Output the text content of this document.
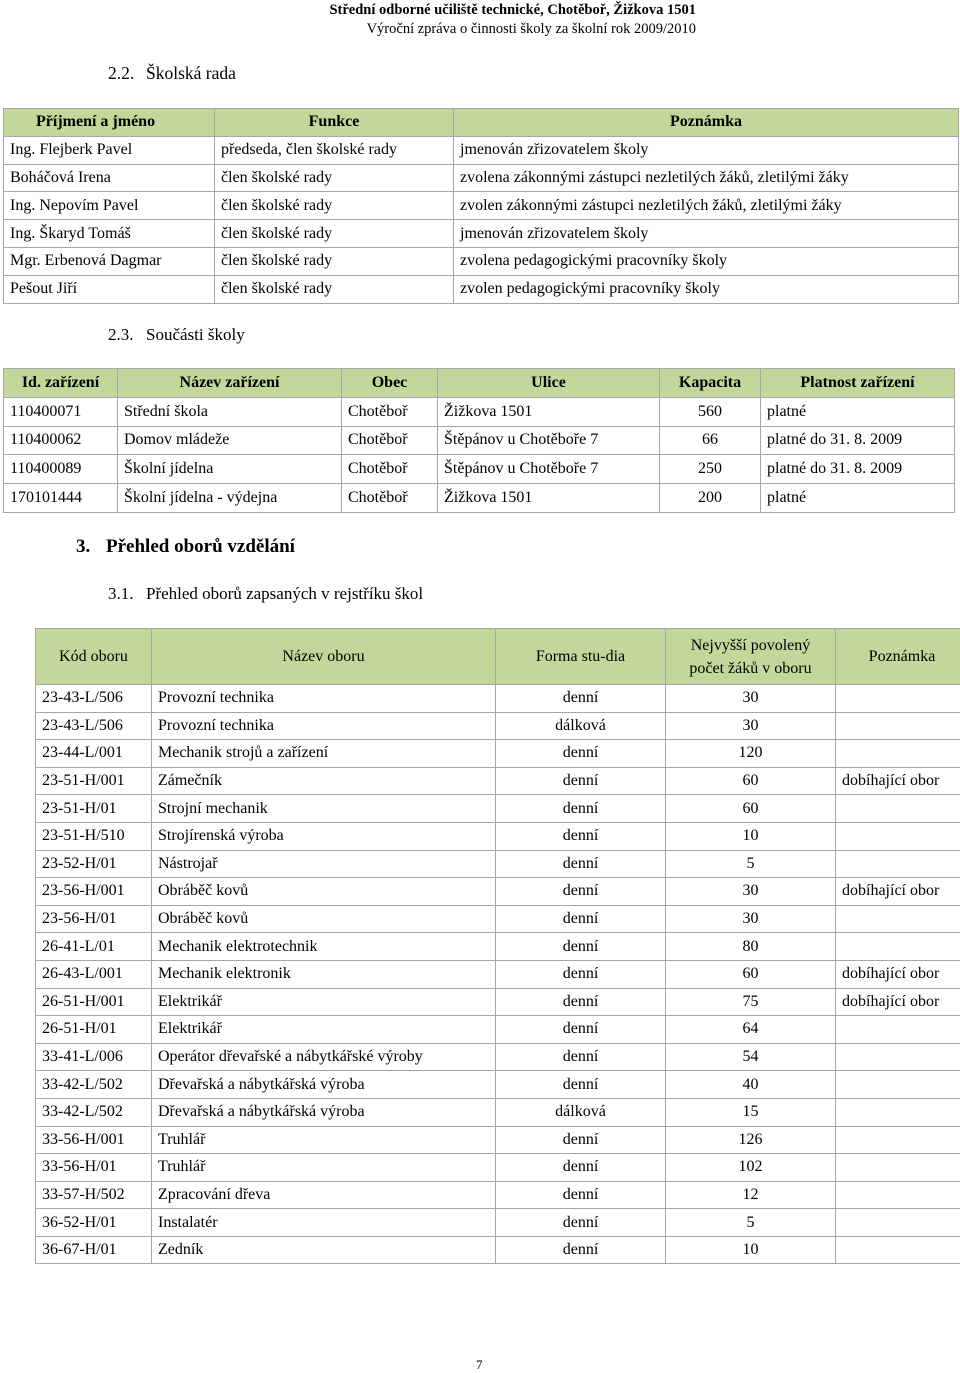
Střední odborné učiliště technické, Chotěboř, Žižkova 1501
Výroční zpráva o činnosti školy za školní rok 2009/2010
2.2. Školská rada
Příjmení a jméno	Funkce	Poznámka
Ing. Flejberk Pavel	předseda, člen školské rady	jmenován zřizovatelem školy
Boháčová Irena	člen školské rady	zvolena zákonnými zástupci nezletilých žáků, zletilými žáky
Ing. Nepovím Pavel	člen školské rady	zvolen zákonnými zástupci nezletilých žáků, zletilými žáky
Ing. Škaryd Tomáš	člen školské rady	jmenován zřizovatelem školy
Mgr. Erbenová Dagmar	člen školské rady	zvolena pedagogickými pracovníky školy
Pešout Jiří	člen školské rady	zvolen pedagogickými pracovníky školy
2.3. Součásti školy
Id. zařízení	Název zařízení	Obec	Ulice	Kapacita	Platnost zařízení
110400071	Střední škola	Chotěboř	Žižkova 1501	560	platné
110400062	Domov mládeže	Chotěboř	Štěpánov u Chotěboře 7	66	platné do 31. 8. 2009
110400089	Školní jídelna	Chotěboř	Štěpánov u Chotěboře 7	250	platné do 31. 8. 2009
170101444	Školní jídelna - výdejna	Chotěboř	Žižkova 1501	200	platné
3. Přehled oborů vzdělání
3.1. Přehled oborů zapsaných v rejstříku škol
Kód oboru	Název oboru	Forma stu-dia	Nejvyšší povolený počet žáků v oboru	Poznámka
23-43-L/506	Provozní technika	denní	30	
23-43-L/506	Provozní technika	dálková	30	
23-44-L/001	Mechanik strojů a zařízení	denní	120	
23-51-H/001	Zámečník	denní	60	dobíhající obor
23-51-H/01	Strojní mechanik	denní	60	
23-51-H/510	Strojírenská výroba	denní	10	
23-52-H/01	Nástrojař	denní	5	
23-56-H/001	Obráběč kovů	denní	30	dobíhající obor
23-56-H/01	Obráběč kovů	denní	30	
26-41-L/01	Mechanik elektrotechnik	denní	80	
26-43-L/001	Mechanik elektronik	denní	60	dobíhající obor
26-51-H/001	Elektrikář	denní	75	dobíhající obor
26-51-H/01	Elektrikář	denní	64	
33-41-L/006	Operátor dřevařské a nábytkářské výroby	denní	54	
33-42-L/502	Dřevařská a nábytkářská výroba	denní	40	
33-42-L/502	Dřevařská a nábytkářská výroba	dálková	15	
33-56-H/001	Truhlář	denní	126	
33-56-H/01	Truhlář	denní	102	
33-57-H/502	Zpracování dřeva	denní	12	
36-52-H/01	Instalatér	denní	5	
36-67-H/01	Zedník	denní	10	
7
